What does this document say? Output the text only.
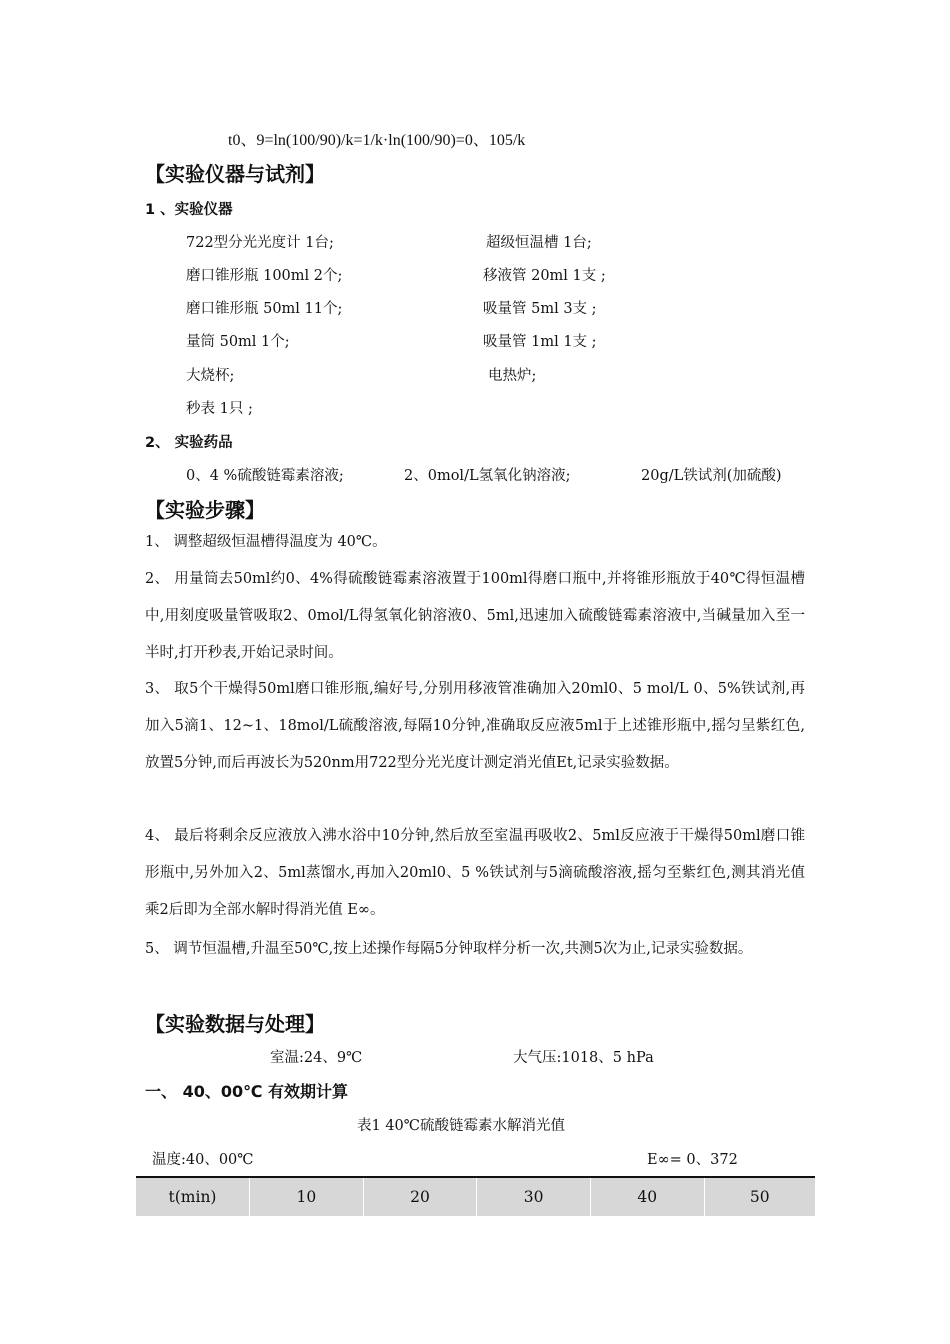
t0、9=ln(100/90)/k=1/k·ln(100/90)=0、105/k
【实验仪器与试剂】
1 、实验仪器
722型分光光度计 1台;	超级恒温槽 1台;
磨口锥形瓶 100ml 2个;	移液管 20ml 1支 ;
磨口锥形瓶 50ml 11个;	吸量管 5ml 3支 ;
量筒 50ml 1个;	吸量管 1ml 1支 ;
大烧杯;	电热炉;
秒表 1只 ;
2、 实验药品
0、4 %硫酸链霉素溶液;	2、0mol/L氢氧化钠溶液;	20g/L铁试剂(加硫酸)
【实验步骤】
1、 调整超级恒温槽得温度为 40℃。
2、 用量筒去50ml约0、4%得硫酸链霉素溶液置于100ml得磨口瓶中,并将锥形瓶放于40℃得恒温槽中,用刻度吸量管吸取2、0mol/L得氢氧化钠溶液0、5ml,迅速加入硫酸链霉素溶液中,当碱量加入至一半时,打开秒表,开始记录时间。
3、 取5个干燥得50ml磨口锥形瓶,编好号,分别用移液管准确加入20ml0、5 mol/L 0、5%铁试剂,再加入5滴1、12~1、18mol/L硫酸溶液,每隔10分钟,准确取反应液5ml于上述锥形瓶中,摇匀呈紫红色,放置5分钟,而后再波长为520nm用722型分光光度计测定消光值Et,记录实验数据。
4、 最后将剩余反应液放入沸水浴中10分钟,然后放至室温再吸收2、5ml反应液于干燥得50ml磨口锥形瓶中,另外加入2、5ml蒸馏水,再加入20ml0、5 %铁试剂与5滴硫酸溶液,摇匀至紫红色,测其消光值乘2后即为全部水解时得消光值 E∞。
5、 调节恒温槽,升温至50℃,按上述操作每隔5分钟取样分析一次,共测5次为止,记录实验数据。
【实验数据与处理】
室温:24、9℃	大气压:1018、5 hPa
一、 40、00℃ 有效期计算
表1 40℃硫酸链霉素水解消光值
温度:40、00℃	E∞= 0、372
t(min)	10	20	30	40	50
